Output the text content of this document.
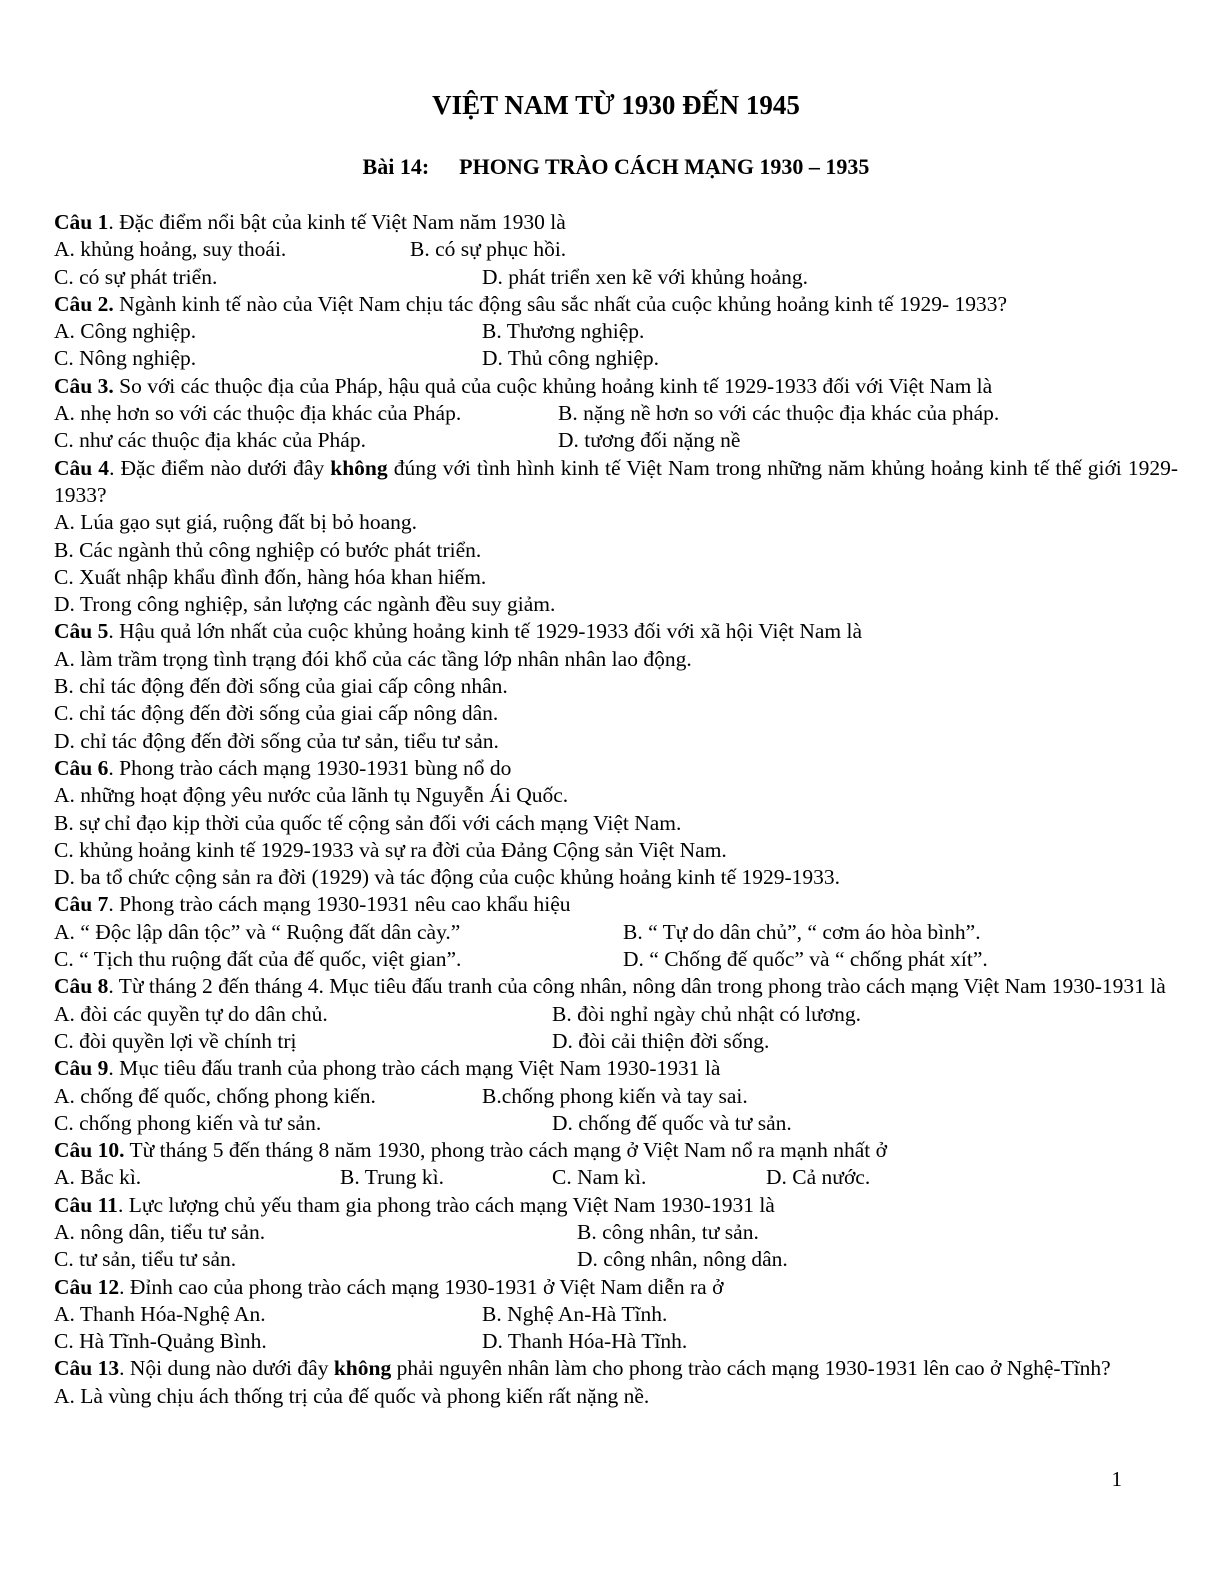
VIỆT NAM TỪ 1930 ĐẾN 1945
Bài 14: PHONG TRÀO CÁCH MẠNG 1930 – 1935
Câu 1. Đặc điểm nổi bật của kinh tế Việt Nam năm 1930 là
A. khủng hoảng, suy thoái.	B. có sự phục hồi.
C. có sự phát triển.	D. phát triển xen kẽ với khủng hoảng.
Câu 2. Ngành kinh tế nào của Việt Nam chịu tác động sâu sắc nhất của cuộc khủng hoảng kinh tế 1929- 1933?
A. Công nghiệp.	B. Thương nghiệp.
C. Nông nghiệp.	D. Thủ công nghiệp.
Câu 3. So với các thuộc địa của Pháp, hậu quả của cuộc khủng hoảng kinh tế 1929-1933 đối với Việt Nam là
A. nhẹ hơn so với các thuộc địa khác của Pháp.	B. nặng nề hơn so với các thuộc địa khác của pháp.
C. như các thuộc địa khác của Pháp.	D. tương đối nặng nề
Câu 4. Đặc điểm nào dưới đây không đúng với tình hình kinh tế Việt Nam trong những năm khủng hoảng kinh tế thế giới 1929-1933?
A. Lúa gạo sụt giá, ruộng đất bị bỏ hoang.
B. Các ngành thủ công nghiệp có bước phát triển.
C. Xuất nhập khẩu đình đốn, hàng hóa khan hiếm.
D. Trong công nghiệp, sản lượng các ngành đều suy giảm.
Câu 5. Hậu quả lớn nhất của cuộc khủng hoảng kinh tế 1929-1933 đối với xã hội Việt Nam là
A. làm trầm trọng tình trạng đói khổ của các tầng lớp nhân nhân lao động.
B. chỉ tác động đến đời sống của giai cấp công nhân.
C. chỉ tác động đến đời sống của giai cấp nông dân.
D. chỉ tác động đến đời sống của tư sản, tiểu tư sản.
Câu 6. Phong trào cách mạng 1930-1931 bùng nổ do
A. những hoạt động yêu nước của lãnh tụ Nguyễn Ái Quốc.
B. sự chỉ đạo kịp thời của quốc tế cộng sản đối với cách mạng Việt Nam.
C. khủng hoảng kinh tế 1929-1933 và sự ra đời của Đảng Cộng sản Việt Nam.
D. ba tổ chức cộng sản ra đời (1929) và tác động của cuộc khủng hoảng kinh tế 1929-1933.
Câu 7. Phong trào cách mạng 1930-1931 nêu cao khẩu hiệu
A. “ Độc lập dân tộc” và “ Ruộng đất dân cày.”	B. “ Tự do dân chủ”, “ cơm áo hòa bình”.
C. “ Tịch thu ruộng đất của đế quốc, việt gian”.	D. “ Chống đế quốc” và “ chống phát xít”.
Câu 8. Từ tháng 2 đến tháng 4. Mục tiêu đấu tranh của công nhân, nông dân trong phong trào cách mạng Việt Nam 1930-1931 là
A. đòi các quyền tự do dân chủ.	B. đòi nghỉ ngày chủ nhật có lương.
C. đòi quyền lợi về chính trị	D. đòi cải thiện đời sống.
Câu 9. Mục tiêu đấu tranh của phong trào cách mạng Việt Nam 1930-1931 là
A. chống đế quốc, chống phong kiến.	B.chống phong kiến và tay sai.
C. chống phong kiến và tư sản.	D. chống đế quốc và tư sản.
Câu 10. Từ tháng 5 đến tháng 8 năm 1930, phong trào cách mạng ở Việt Nam nổ ra mạnh nhất ở
A. Bắc kì.	B. Trung kì.	C. Nam kì.	D. Cả nước.
Câu 11. Lực lượng chủ yếu tham gia phong trào cách mạng Việt Nam 1930-1931 là
A. nông dân, tiểu tư sản.	B. công nhân, tư sản.
C. tư sản, tiểu tư sản.	D. công nhân, nông dân.
Câu 12. Đỉnh cao của phong trào cách mạng 1930-1931 ở Việt Nam diễn ra ở
A. Thanh Hóa-Nghệ An.	B. Nghệ An-Hà Tĩnh.
C. Hà Tĩnh-Quảng Bình.	D. Thanh Hóa-Hà Tĩnh.
Câu 13. Nội dung nào dưới đây không phải nguyên nhân làm cho phong trào cách mạng 1930-1931 lên cao ở Nghệ-Tĩnh?
A. Là vùng chịu ách thống trị của đế quốc và phong kiến rất nặng nề.
1
